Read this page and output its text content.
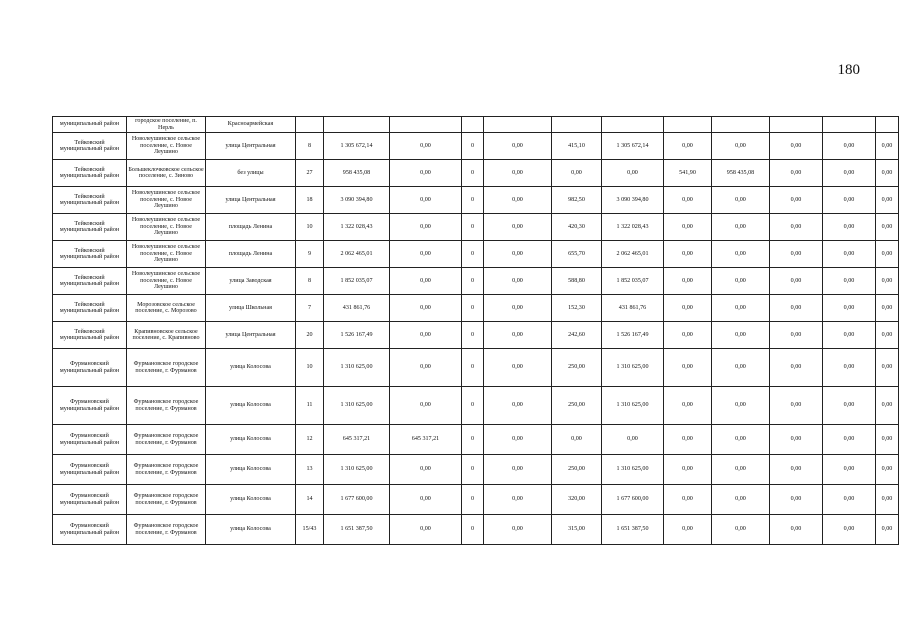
180
муниципальный район	городское поселение, п. Нерль	Красноармейская												
Тейковский муниципальный район	Новолеушинское сельское поселение, с. Новое Леушино	улица Центральная	8	1 305 672,14	0,00	0	0,00	415,10	1 305 672,14	0,00	0,00	0,00	0,00	0,00
Тейковский муниципальный район	Большеклочковское сельское поселение, с. Зиново	без улицы	27	958 435,08	0,00	0	0,00	0,00	0,00	541,90	958 435,08	0,00	0,00	0,00
Тейковский муниципальный район	Новолеушинское сельское поселение, с. Новое Леушино	улица Центральная	18	3 090 394,80	0,00	0	0,00	982,50	3 090 394,80	0,00	0,00	0,00	0,00	0,00
Тейковский муниципальный район	Новолеушинское сельское поселение, с. Новое Леушино	площадь Ленина	10	1 322 028,43	0,00	0	0,00	420,30	1 322 028,43	0,00	0,00	0,00	0,00	0,00
Тейковский муниципальный район	Новолеушинское сельское поселение, с. Новое Леушино	площадь Ленина	9	2 062 465,01	0,00	0	0,00	655,70	2 062 465,01	0,00	0,00	0,00	0,00	0,00
Тейковский муниципальный район	Новолеушинское сельское поселение, с. Новое Леушино	улица Заводская	8	1 852 035,07	0,00	0	0,00	588,80	1 852 035,07	0,00	0,00	0,00	0,00	0,00
Тейковский муниципальный район	Морозовское сельское поселение, с. Морозово	улица Школьная	7	431 861,76	0,00	0	0,00	152,30	431 861,76	0,00	0,00	0,00	0,00	0,00
Тейковский муниципальный район	Крапивновское сельское поселение, с. Крапивново	улица Центральная	20	1 526 167,49	0,00	0	0,00	242,60	1 526 167,49	0,00	0,00	0,00	0,00	0,00
Фурмановский муниципальный район	Фурмановское городское поселение, г. Фурманов	улица Колосова	10	1 310 625,00	0,00	0	0,00	250,00	1 310 625,00	0,00	0,00	0,00	0,00	0,00
Фурмановский муниципальный район	Фурмановское городское поселение, г. Фурманов	улица Колосова	11	1 310 625,00	0,00	0	0,00	250,00	1 310 625,00	0,00	0,00	0,00	0,00	0,00
Фурмановский муниципальный район	Фурмановское городское поселение, г. Фурманов	улица Колосова	12	645 317,21	645 317,21	0	0,00	0,00	0,00	0,00	0,00	0,00	0,00	0,00
Фурмановский муниципальный район	Фурмановское городское поселение, г. Фурманов	улица Колосова	13	1 310 625,00	0,00	0	0,00	250,00	1 310 625,00	0,00	0,00	0,00	0,00	0,00
Фурмановский муниципальный район	Фурмановское городское поселение, г. Фурманов	улица Колосова	14	1 677 600,00	0,00	0	0,00	320,00	1 677 600,00	0,00	0,00	0,00	0,00	0,00
Фурмановский муниципальный район	Фурмановское городское поселение, г. Фурманов	улица Колосова	15/43	1 651 387,50	0,00	0	0,00	315,00	1 651 387,50	0,00	0,00	0,00	0,00	0,00
